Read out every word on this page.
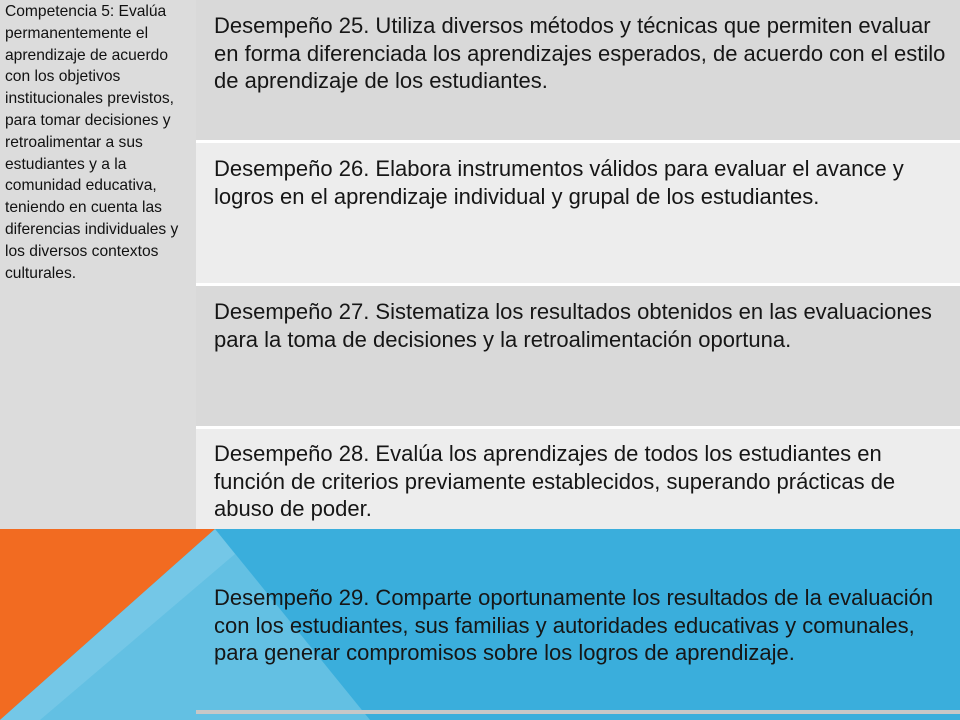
Competencia 5: Evalúa permanentemente el aprendizaje de acuerdo con los objetivos institucionales previstos, para tomar decisiones y retroalimentar a sus estudiantes y a la comunidad educativa, teniendo en cuenta las diferencias individuales y los diversos contextos culturales.
Desempeño 25. Utiliza diversos métodos y técnicas que permiten evaluar en forma diferenciada los aprendizajes esperados, de acuerdo con el estilo de aprendizaje de los estudiantes.
Desempeño 26. Elabora instrumentos válidos para evaluar el avance y logros en el aprendizaje individual y grupal de los estudiantes.
Desempeño 27. Sistematiza los resultados obtenidos en las evaluaciones para la toma de decisiones y la retroalimentación oportuna.
Desempeño 28. Evalúa los aprendizajes de todos los estudiantes en función de criterios previamente establecidos, superando prácticas de abuso de poder.
Desempeño 29. Comparte oportunamente los resultados de la evaluación con los estudiantes, sus familias y autoridades educativas y comunales, para generar compromisos sobre los logros de aprendizaje.
